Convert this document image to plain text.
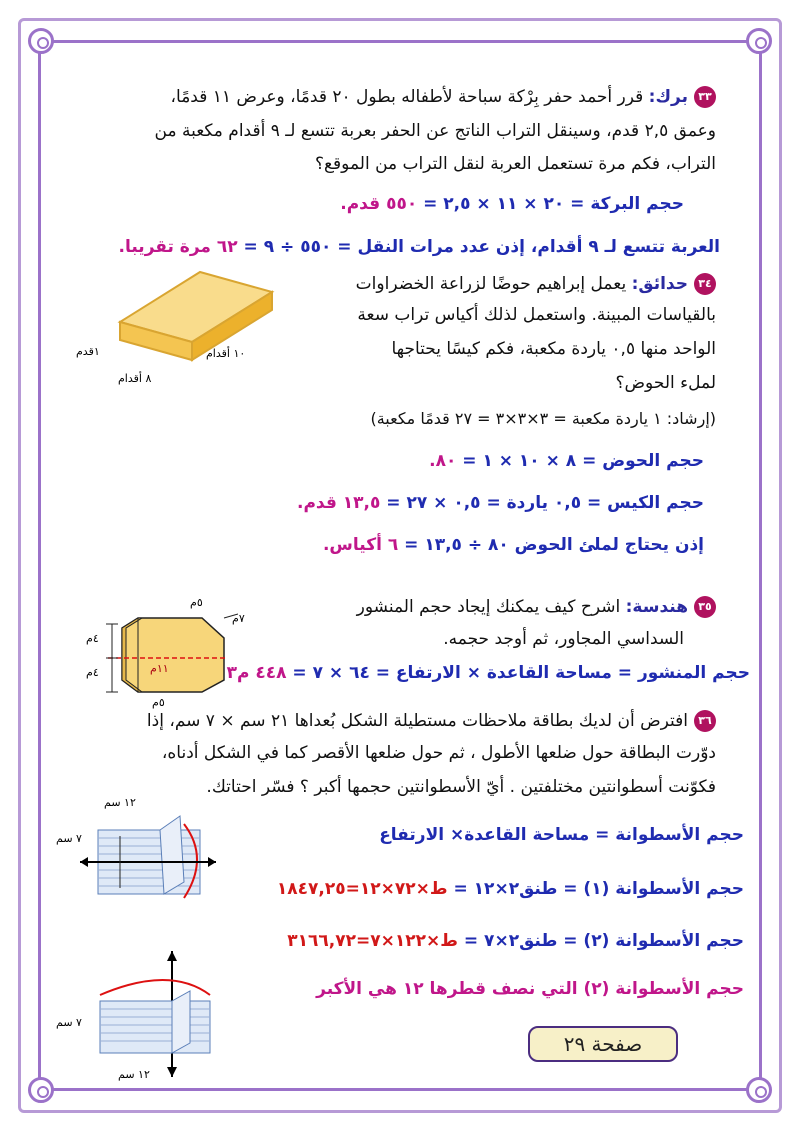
٣٣برك: قرر أحمد حفر بِرْكة سباحة لأطفاله بطول ٢٠ قدمًا، وعرض ١١ قدمًا،
وعمق ٢,٥ قدم، وسينقل التراب الناتج عن الحفر بعربة تتسع لـ ٩ أقدام مكعبة من
التراب، فكم مرة تستعمل العربة لنقل التراب من الموقع؟
حجم البركة = ٢٠ × ١١ × ٢,٥ = ٥٥٠ قدم.
العربة تتسع لـ ٩ أقدام، إذن عدد مرات النقل = ٥٥٠ ÷ ٩ = ٦٢ مرة تقريبا.
٣٤حدائق: يعمل إبراهيم حوضًا لزراعة الخضراوات
بالقياسات المبينة. واستعمل لذلك أكياس تراب سعة
الواحد منها ٠,٥ ياردة مكعبة، فكم كيسًا يحتاجها
لملء الحوض؟
(إرشاد: ١ ياردة مكعبة = ٣×٣×٣ = ٢٧ قدمًا مكعبة)
حجم الحوض = ٨ × ١٠ × ١ = ٨٠.
حجم الكيس = ٠,٥ ياردة = ٠,٥ × ٢٧ = ١٣,٥ قدم.
إذن يحتاج لملئ الحوض ٨٠ ÷ ١٣,٥ = ٦ أكياس.
١٠ أقدام
٨ أقدام
١قدم
٣٥هندسة: اشرح كيف يمكنك إيجاد حجم المنشور
السداسي المجاور، ثم أوجد حجمه.
حجم المنشور = مساحة القاعدة × الارتفاع = ٦٤ × ٧ = ٤٤٨ م٣
٥م
٧م
٤م
٤م	١١م
٥م
٣٦افترض أن لديك بطاقة ملاحظات مستطيلة الشكل بُعداها ٢١ سم × ٧ سم، إذا
دوّرت البطاقة حول ضلعها الأطول ، ثم حول ضلعها الأقصر كما في الشكل أدناه،
فكوّنت أسطوانتين مختلفتين . أيّ الأسطوانتين حجمها أكبر ؟ فسّر احتاتك.
حجم الأسطوانة = مساحة القاعدة× الارتفاع
حجم الأسطوانة (١) = طنق٢×١٢ = ط×٧٢×١٢=١٨٤٧,٢٥
حجم الأسطوانة (٢) = طنق٢×٧ = ط×١٢٢×٧=٣١٦٦,٧٢
حجم الأسطوانة (٢) التي نصف قطرها ١٢ هي الأكبر
١٢ سم
٧ سم
٧ سم
١٢ سم
صفحة ٢٩
